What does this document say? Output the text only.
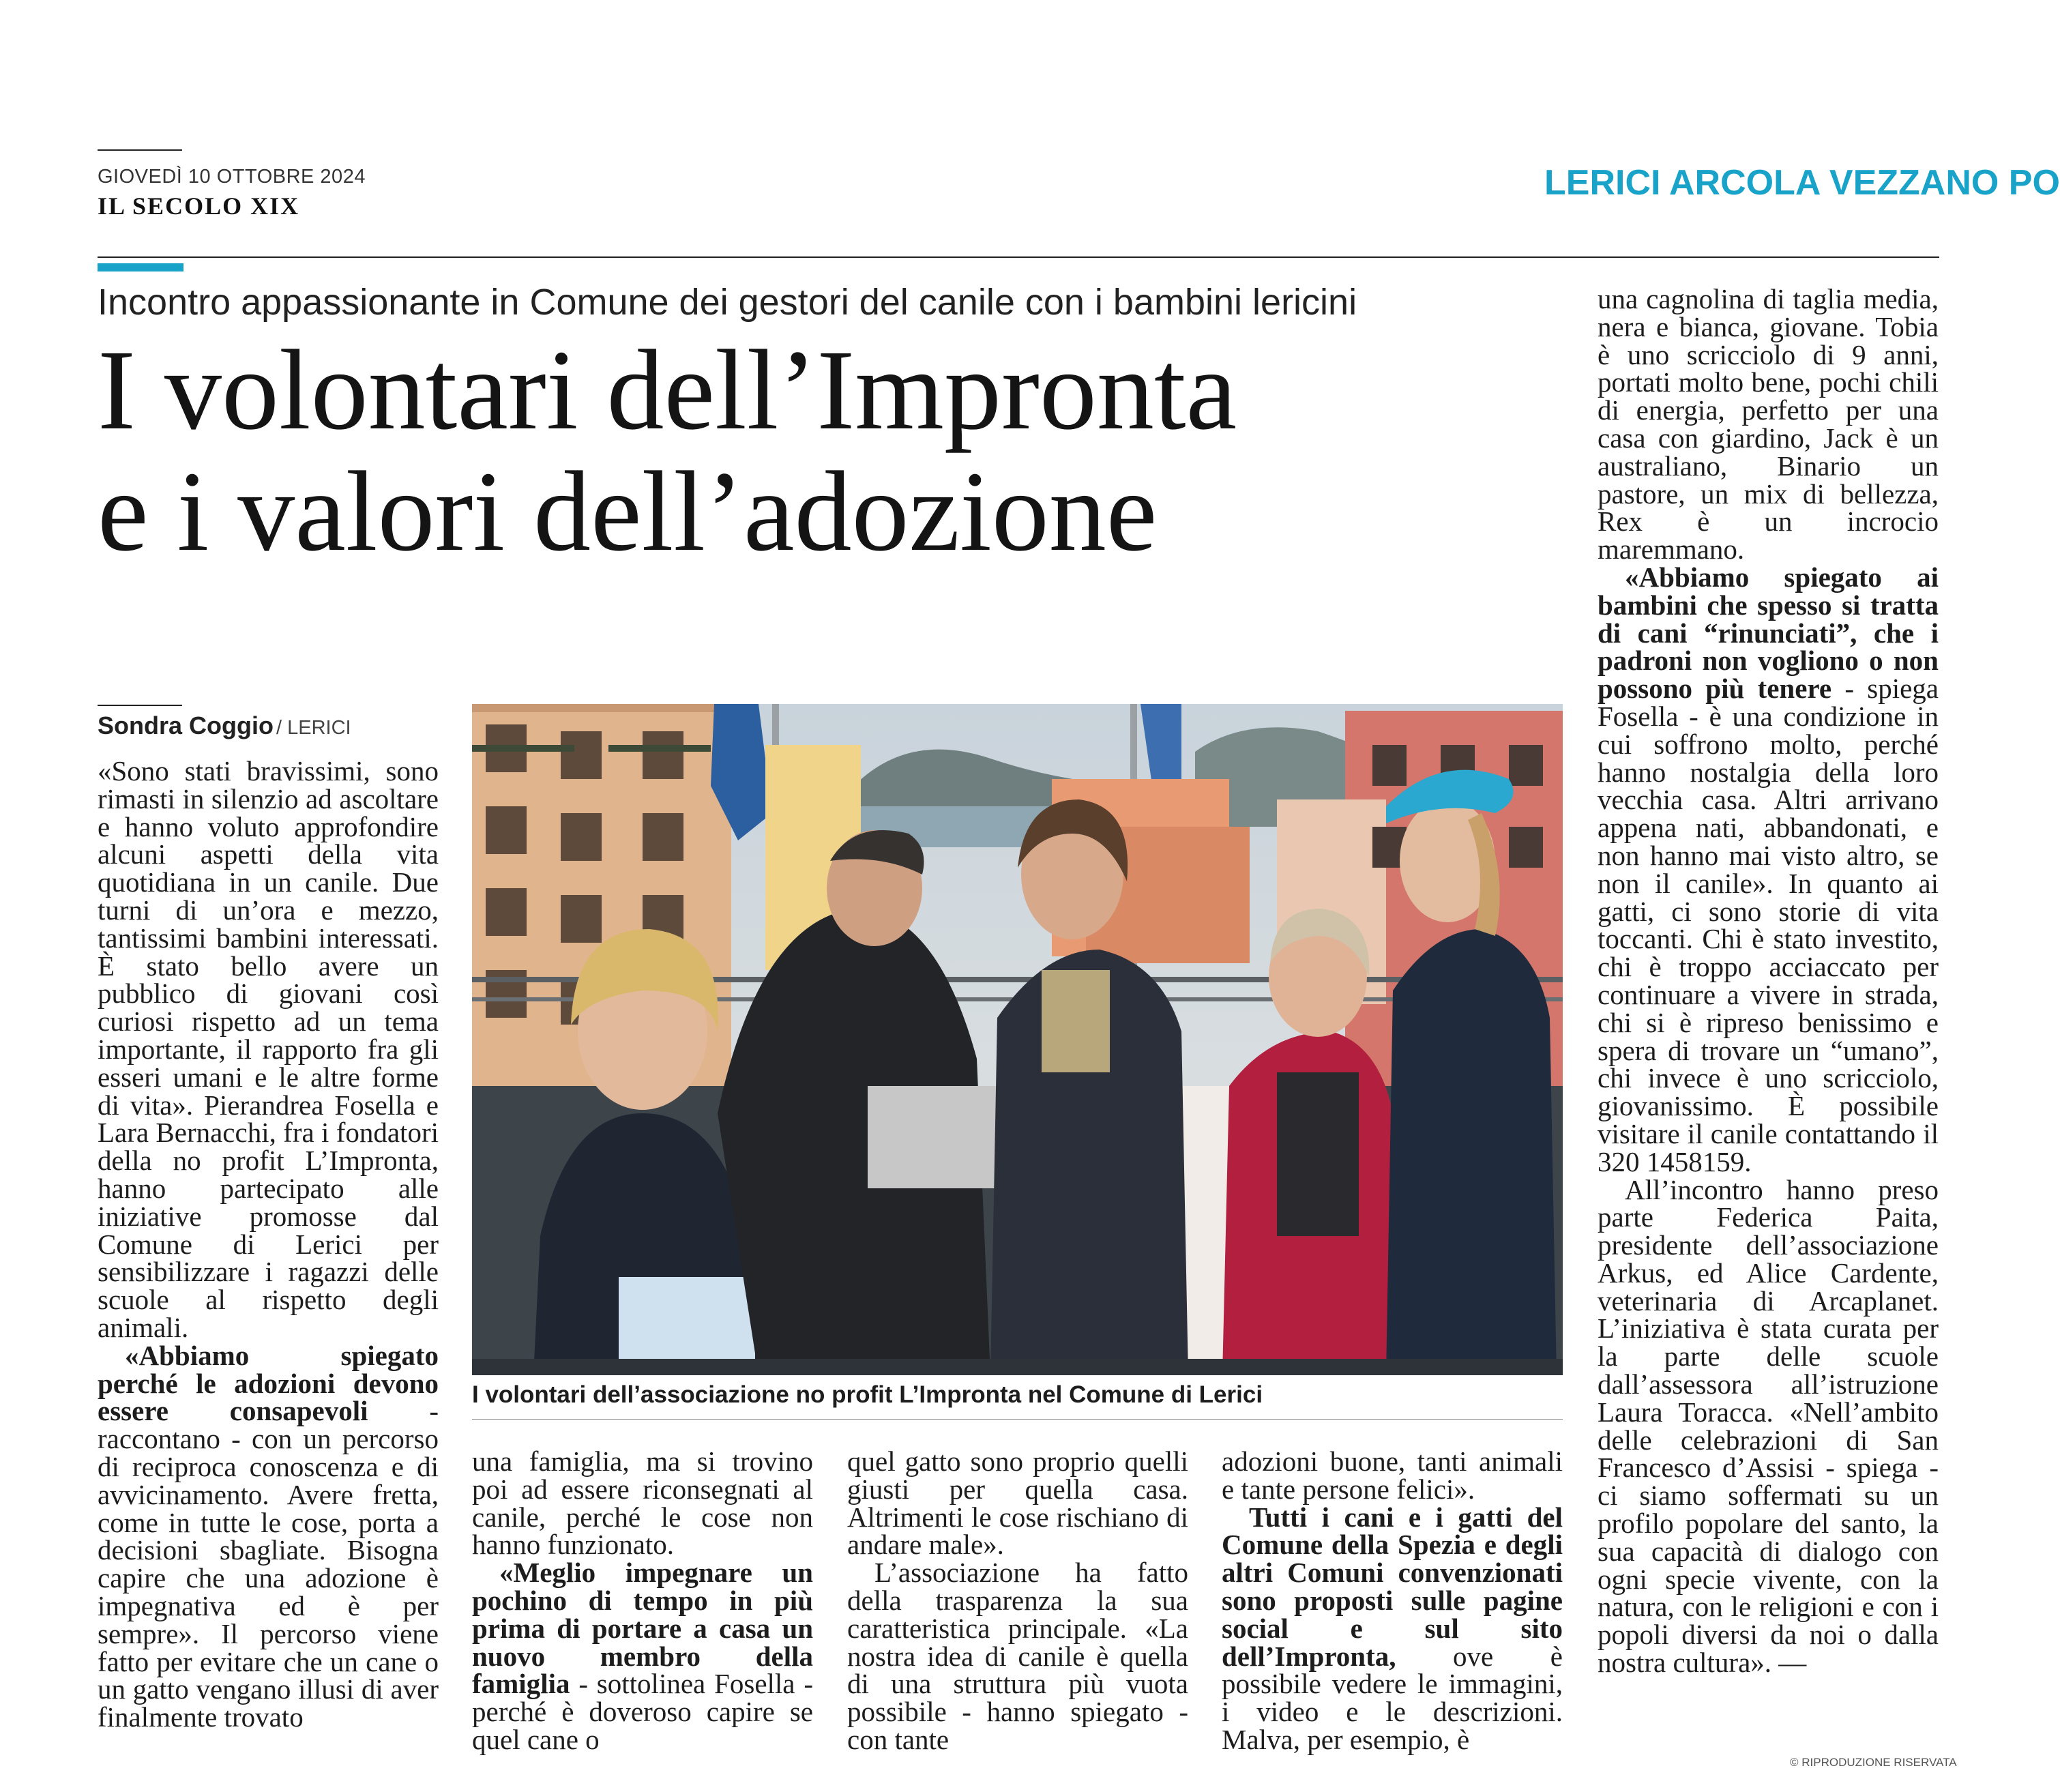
GIOVEDÌ 10 OTTOBRE 2024
IL SECOLO XIX
LERICI ARCOLA VEZZANO PO
Incontro appassionante in Comune dei gestori del canile con i bambini lericini
I volontari dell’Impronta
e i valori dell’adozione
Sondra Coggio / LERICI

«Sono stati bravissimi, sono rimasti in silenzio ad ascoltare e hanno voluto approfondire alcuni aspetti della vita quotidiana in un canile. Due turni di un’ora e mezzo, tantissimi bambini interessati. È stato bello avere un pubblico di giovani così curiosi rispetto ad un tema importante, il rapporto fra gli esseri umani e le altre forme di vita». Pierandrea Fosella e Lara Bernacchi, fra i fondatori della no profit L’Impronta, hanno partecipato alle iniziative promosse dal Comune di Lerici per sensibilizzare i ragazzi delle scuole al rispetto degli animali.

«Abbiamo spiegato perché le adozioni devono essere consapevoli - raccontano - con un percorso di reciproca conoscenza e di avvicinamento. Avere fretta, come in tutte le cose, porta a decisioni sbagliate. Bisogna capire che una adozione è impegnativa ed è per sempre». Il percorso viene fatto per evitare che un cane o un gatto vengano illusi di aver finalmente trovato

I volontari dell’associazione no profit L’Impronta nel Comune di Lerici

una famiglia, ma si trovino poi ad essere riconsegnati al canile, perché le cose non hanno funzionato.

«Meglio impegnare un pochino di tempo in più prima di portare a casa un nuovo membro della famiglia - sottolinea Fosella - perché è doveroso capire se quel cane o

quel gatto sono proprio quelli giusti per quella casa. Altrimenti le cose rischiano di andare male».

L’associazione ha fatto della trasparenza la sua caratteristica principale. «La nostra idea di canile è quella di una struttura più vuota possibile - hanno spiegato - con tante

adozioni buone, tanti animali e tante persone felici».

Tutti i cani e i gatti del Comune della Spezia e degli altri Comuni convenzionati sono proposti sulle pagine social e sul sito dell’Impronta, ove è possibile vedere le immagini, i video e le descrizioni. Malva, per esempio, è

una cagnolina di taglia media, nera e bianca, giovane. Tobia è uno scricciolo di 9 anni, portati molto bene, pochi chili di energia, perfetto per una casa con giardino, Jack è un australiano, Binario un pastore, un mix di bellezza, Rex è un incrocio maremmano.

«Abbiamo spiegato ai bambini che spesso si tratta di cani “rinunciati”, che i padroni non vogliono o non possono più tenere - spiega Fosella - è una condizione in cui soffrono molto, perché hanno nostalgia della loro vecchia casa. Altri arrivano appena nati, abbandonati, e non hanno mai visto altro, se non il canile». In quanto ai gatti, ci sono storie di vita toccanti. Chi è stato investito, chi è troppo acciaccato per continuare a vivere in strada, chi si è ripreso benissimo e spera di trovare un “umano”, chi invece è uno scricciolo, giovanissimo. È possibile visitare il canile contattando il 320 1458159.

All’incontro hanno preso parte Federica Paita, presidente dell’associazione Arkus, ed Alice Cardente, veterinaria di Arcaplanet. L’iniziativa è stata curata per la parte delle scuole dall’assessora all’istruzione Laura Toracca. «Nell’ambito delle celebrazioni di San Francesco d’Assisi - spiega - ci siamo soffermati su un profilo popolare del santo, la sua capacità di dialogo con ogni specie vivente, con la natura, con le religioni e con i popoli diversi da noi o dalla nostra cultura». —

© RIPRODUZIONE RISERVATA
